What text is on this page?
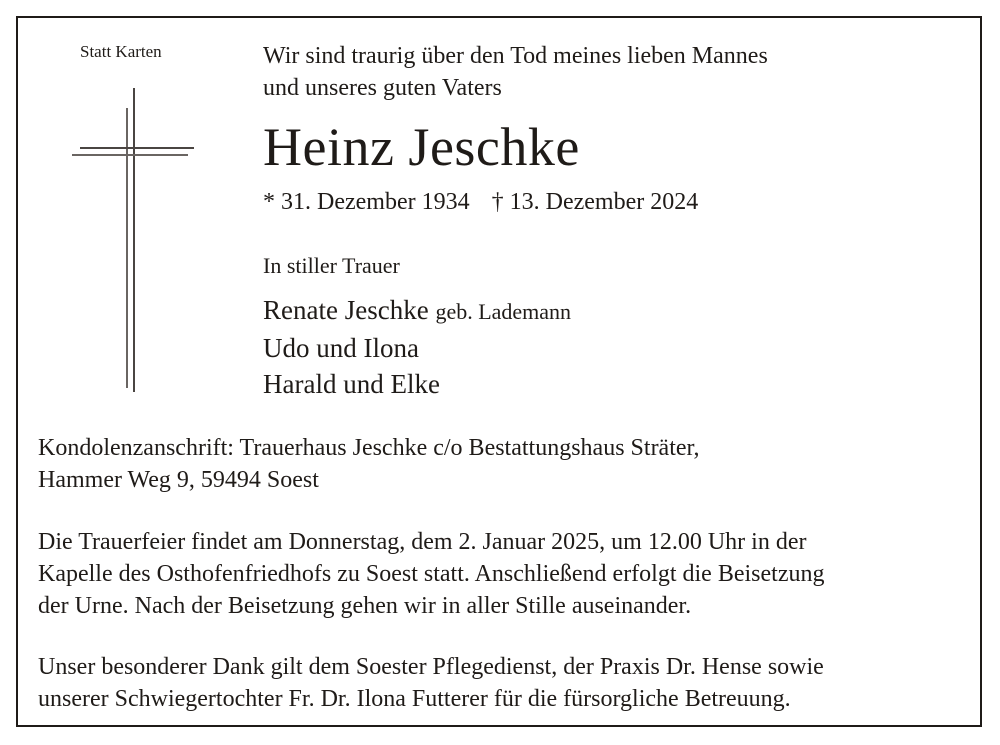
Statt Karten	Wir sind traurig über den Tod meines lieben Mannes
und unseres guten Vaters
Heinz Jeschke
* 31. Dezember 1934 † 13. Dezember 2024
In stiller Trauer
Renate Jeschke geb. Lademann
Udo und Ilona
Harald und Elke
Kondolenzanschrift: Trauerhaus Jeschke c/o Bestattungshaus Sträter,
Hammer Weg 9, 59494 Soest
Die Trauerfeier findet am Donnerstag, dem 2. Januar 2025, um 12.00 Uhr in der
Kapelle des Osthofenfriedhofs zu Soest statt. Anschließend erfolgt die Beisetzung
der Urne. Nach der Beisetzung gehen wir in aller Stille auseinander.
Unser besonderer Dank gilt dem Soester Pflegedienst, der Praxis Dr. Hense sowie
unserer Schwiegertochter Fr. Dr. Ilona Futterer für die fürsorgliche Betreuung.
